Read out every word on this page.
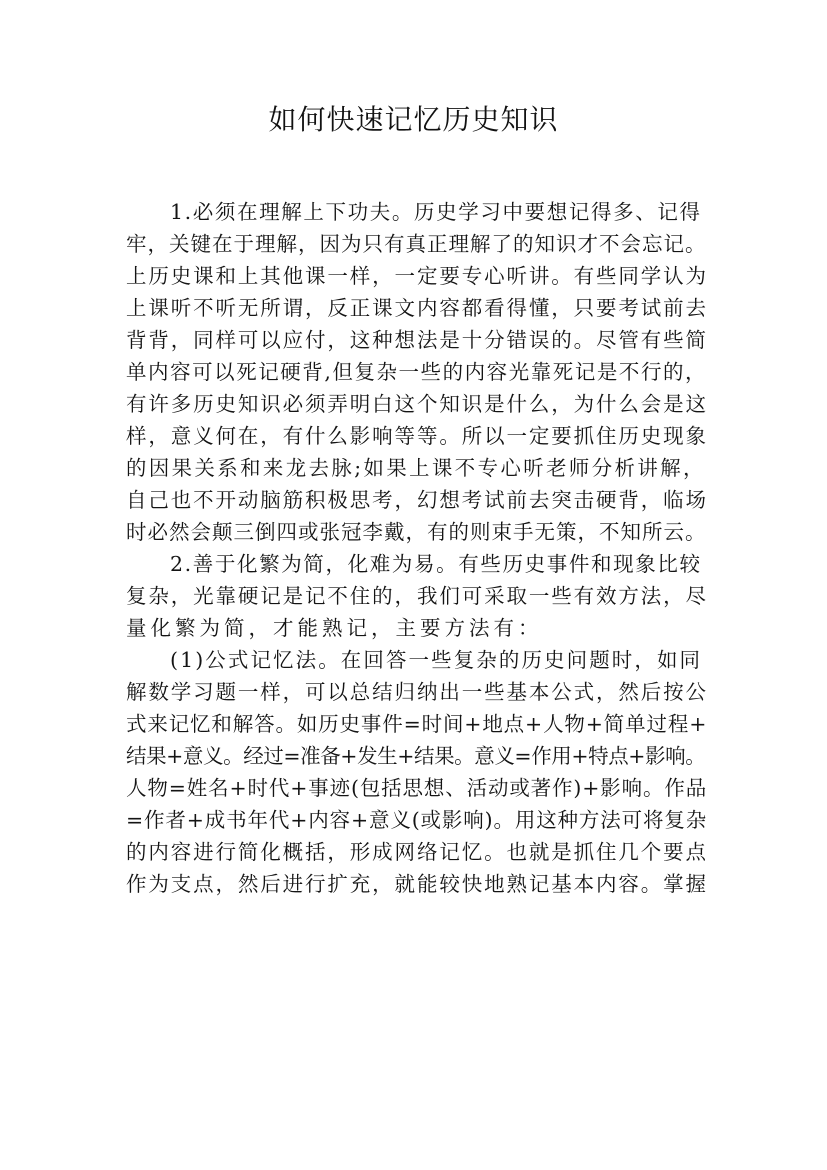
如何快速记忆历史知识
1.必须在理解上下功夫。历史学习中要想记得多、记得
牢，关键在于理解，因为只有真正理解了的知识才不会忘记。
上历史课和上其他课一样，一定要专心听讲。有些同学认为
上课听不听无所谓，反正课文内容都看得懂，只要考试前去
背背，同样可以应付，这种想法是十分错误的。尽管有些简
单内容可以死记硬背,但复杂一些的内容光靠死记是不行的，
有许多历史知识必须弄明白这个知识是什么，为什么会是这
样，意义何在，有什么影响等等。所以一定要抓住历史现象
的因果关系和来龙去脉;如果上课不专心听老师分析讲解，
自己也不开动脑筋积极思考，幻想考试前去突击硬背，临场
时必然会颠三倒四或张冠李戴，有的则束手无策，不知所云。
2.善于化繁为简，化难为易。有些历史事件和现象比较
复杂，光靠硬记是记不住的，我们可采取一些有效方法，尽
量化繁为简，才能熟记，主要方法有：
(1)公式记忆法。在回答一些复杂的历史问题时，如同
解数学习题一样，可以总结归纳出一些基本公式，然后按公
式来记忆和解答。如历史事件=时间+地点+人物+简单过程+
结果+意义。经过=准备+发生+结果。意义=作用+特点+影响。
人物=姓名+时代+事迹(包括思想、活动或著作)+影响。作品
=作者+成书年代+内容+意义(或影响)。用这种方法可将复杂
的内容进行简化概括，形成网络记忆。也就是抓住几个要点
作为支点，然后进行扩充，就能较快地熟记基本内容。掌握
